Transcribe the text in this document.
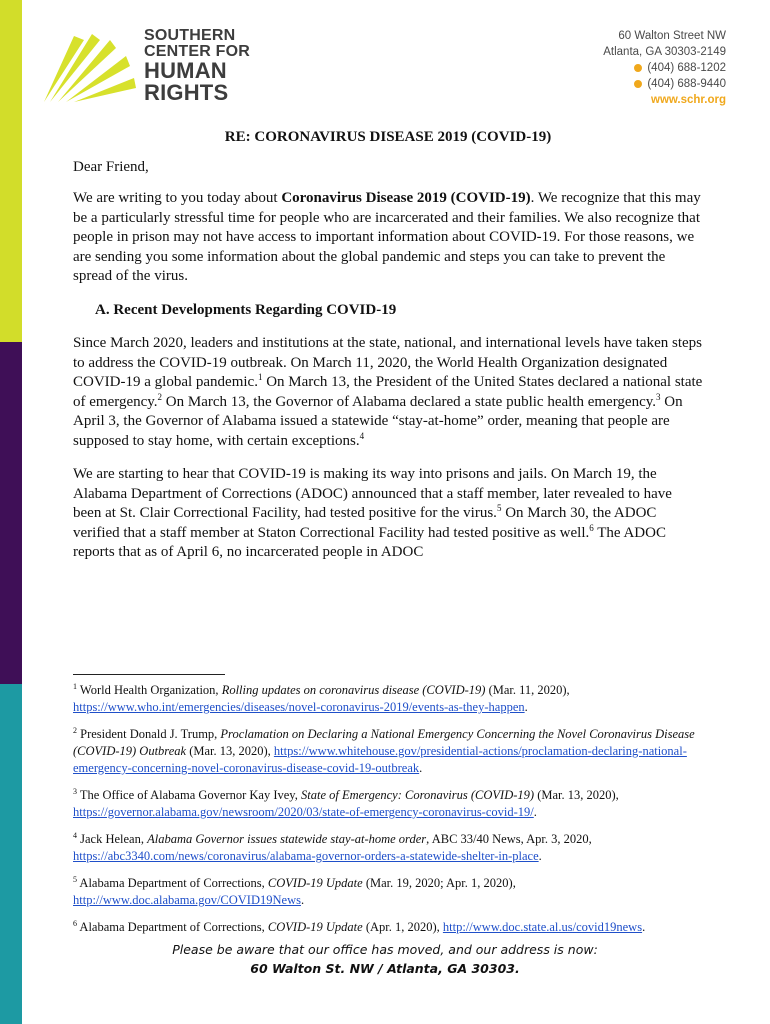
SOUTHERN
CENTER FOR
HUMAN
RIGHTS
60 Walton Street NW
Atlanta, GA 30303-2149
(404) 688-1202
(404) 688-9440
www.schr.org
RE: CORONAVIRUS DISEASE 2019 (COVID-19)
Dear Friend,

We are writing to you today about Coronavirus Disease 2019 (COVID-19). We recognize that this may be a particularly stressful time for people who are incarcerated and their families. We also recognize that people in prison may not have access to important information about COVID-19. For those reasons, we are sending you some information about the global pandemic and steps you can take to prevent the spread of the virus.

A. Recent Developments Regarding COVID-19

Since March 2020, leaders and institutions at the state, national, and international levels have taken steps to address the COVID-19 outbreak. On March 11, 2020, the World Health Organization designated COVID-19 a global pandemic.$^1$ On March 13, the President of the United States declared a national state of emergency.$^2$ On March 13, the Governor of Alabama declared a state public health emergency.$^3$ On April 3, the Governor of Alabama issued a statewide “stay-at-home” order, meaning that people are supposed to stay home, with certain exceptions.$^4$

We are starting to hear that COVID-19 is making its way into prisons and jails. On March 19, the Alabama Department of Corrections (ADOC) announced that a staff member, later revealed to have been at St. Clair Correctional Facility, had tested positive for the virus.$^5$ On March 30, the ADOC verified that a staff member at Staton Correctional Facility had tested positive as well.$^6$ The ADOC reports that as of April 6, no incarcerated people in ADOC

$^1$ World Health Organization, Rolling updates on coronavirus disease (COVID-19) (Mar. 11, 2020), https://www.who.int/emergencies/diseases/novel-coronavirus-2019/events-as-they-happen.
$^2$ President Donald J. Trump, Proclamation on Declaring a National Emergency Concerning the Novel Coronavirus Disease (COVID-19) Outbreak (Mar. 13, 2020), https://www.whitehouse.gov/presidential-actions/proclamation-declaring-national-emergency-concerning-novel-coronavirus-disease-covid-19-outbreak.
$^3$ The Office of Alabama Governor Kay Ivey, State of Emergency: Coronavirus (COVID-19) (Mar. 13, 2020), https://governor.alabama.gov/newsroom/2020/03/state-of-emergency-coronavirus-covid-19/.
$^4$ Jack Helean, Alabama Governor issues statewide stay-at-home order, ABC 33/40 News, Apr. 3, 2020, https://abc3340.com/news/coronavirus/alabama-governor-orders-a-statewide-shelter-in-place.
$^5$ Alabama Department of Corrections, COVID-19 Update (Mar. 19, 2020; Apr. 1, 2020), http://www.doc.alabama.gov/COVID19News.
$^6$ Alabama Department of Corrections, COVID-19 Update (Apr. 1, 2020), http://www.doc.state.al.us/covid19news.
Please be aware that our office has moved, and our address is now:
60 Walton St. NW / Atlanta, GA 30303.
